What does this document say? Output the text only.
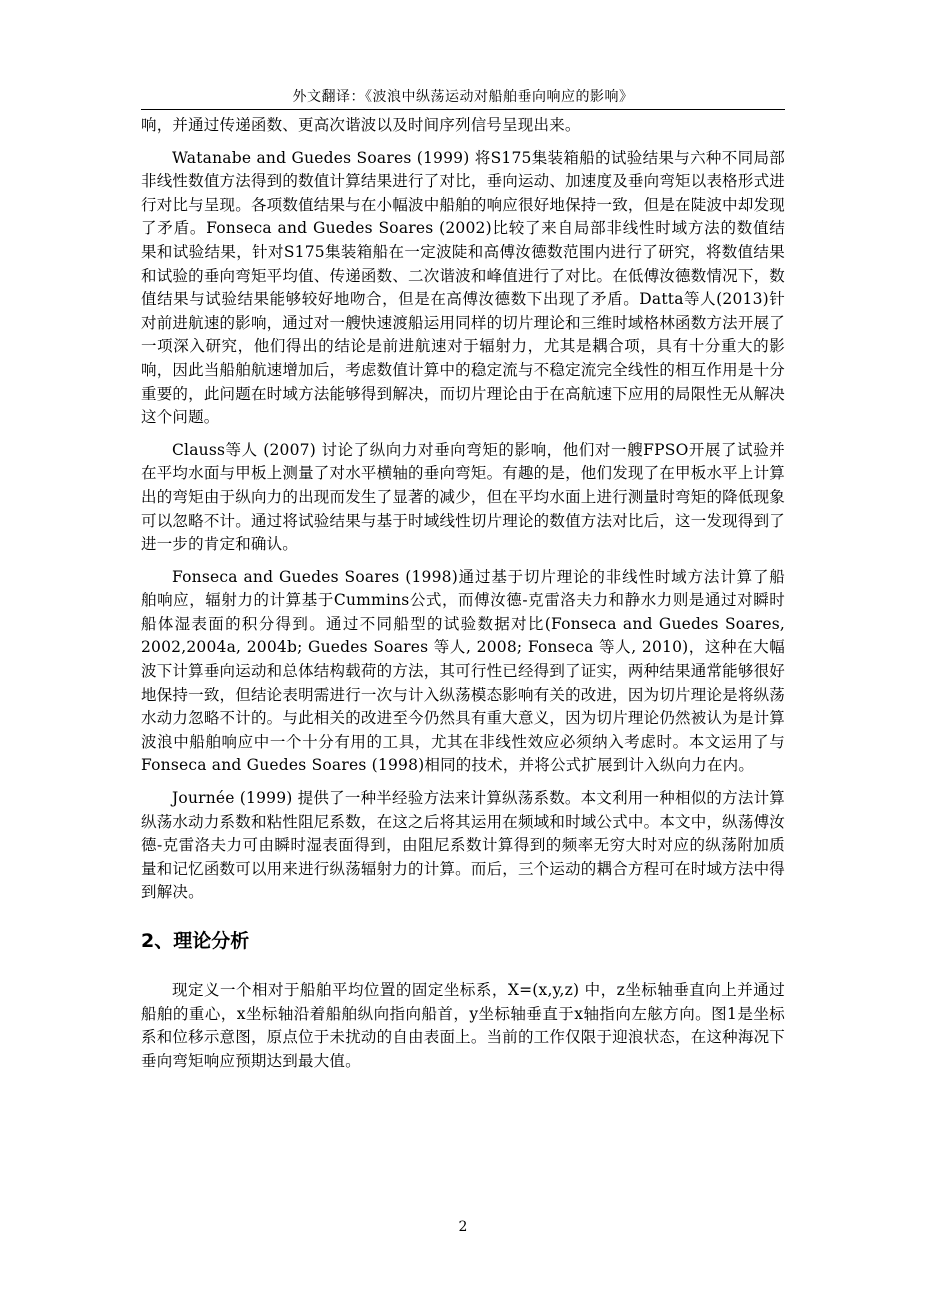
外文翻译：《波浪中纵荡运动对船舶垂向响应的影响》

响，并通过传递函数、更高次谐波以及时间序列信号呈现出来。

Watanabe and Guedes Soares (1999) 将S175集装箱船的试验结果与六种不同局部非线性数值方法得到的数值计算结果进行了对比，垂向运动、加速度及垂向弯矩以表格形式进行对比与呈现。各项数值结果与在小幅波中船舶的响应很好地保持一致，但是在陡波中却发现了矛盾。Fonseca and Guedes Soares (2002)比较了来自局部非线性时域方法的数值结果和试验结果，针对S175集装箱船在一定波陡和高傅汝德数范围内进行了研究，将数值结果和试验的垂向弯矩平均值、传递函数、二次谐波和峰值进行了对比。在低傅汝德数情况下，数值结果与试验结果能够较好地吻合，但是在高傅汝德数下出现了矛盾。Datta等人(2013)针对前进航速的影响，通过对一艘快速渡船运用同样的切片理论和三维时域格林函数方法开展了一项深入研究，他们得出的结论是前进航速对于辐射力，尤其是耦合项，具有十分重大的影响，因此当船舶航速增加后，考虑数值计算中的稳定流与不稳定流完全线性的相互作用是十分重要的，此问题在时域方法能够得到解决，而切片理论由于在高航速下应用的局限性无从解决这个问题。

Clauss等人 (2007) 讨论了纵向力对垂向弯矩的影响，他们对一艘FPSO开展了试验并在平均水面与甲板上测量了对水平横轴的垂向弯矩。有趣的是，他们发现了在甲板水平上计算出的弯矩由于纵向力的出现而发生了显著的减少，但在平均水面上进行测量时弯矩的降低现象可以忽略不计。通过将试验结果与基于时域线性切片理论的数值方法对比后，这一发现得到了进一步的肯定和确认。

Fonseca and Guedes Soares (1998)通过基于切片理论的非线性时域方法计算了船舶响应，辐射力的计算基于Cummins公式，而傅汝德-克雷洛夫力和静水力则是通过对瞬时船体湿表面的积分得到。通过不同船型的试验数据对比(Fonseca and Guedes Soares, 2002,2004a, 2004b; Guedes Soares 等人, 2008; Fonseca 等人, 2010)，这种在大幅波下计算垂向运动和总体结构载荷的方法，其可行性已经得到了证实，两种结果通常能够很好地保持一致，但结论表明需进行一次与计入纵荡模态影响有关的改进，因为切片理论是将纵荡水动力忽略不计的。与此相关的改进至今仍然具有重大意义，因为切片理论仍然被认为是计算波浪中船舶响应中一个十分有用的工具，尤其在非线性效应必须纳入考虑时。本文运用了与Fonseca and Guedes Soares (1998)相同的技术，并将公式扩展到计入纵向力在内。

Journée (1999) 提供了一种半经验方法来计算纵荡系数。本文利用一种相似的方法计算纵荡水动力系数和粘性阻尼系数，在这之后将其运用在频域和时域公式中。本文中，纵荡傅汝德-克雷洛夫力可由瞬时湿表面得到，由阻尼系数计算得到的频率无穷大时对应的纵荡附加质量和记忆函数可以用来进行纵荡辐射力的计算。而后，三个运动的耦合方程可在时域方法中得到解决。

2、理论分析

现定义一个相对于船舶平均位置的固定坐标系，X=(x,y,z) 中，z坐标轴垂直向上并通过船舶的重心，x坐标轴沿着船舶纵向指向船首，y坐标轴垂直于x轴指向左舷方向。图1是坐标系和位移示意图，原点位于未扰动的自由表面上。当前的工作仅限于迎浪状态，在这种海况下垂向弯矩响应预期达到最大值。

2
